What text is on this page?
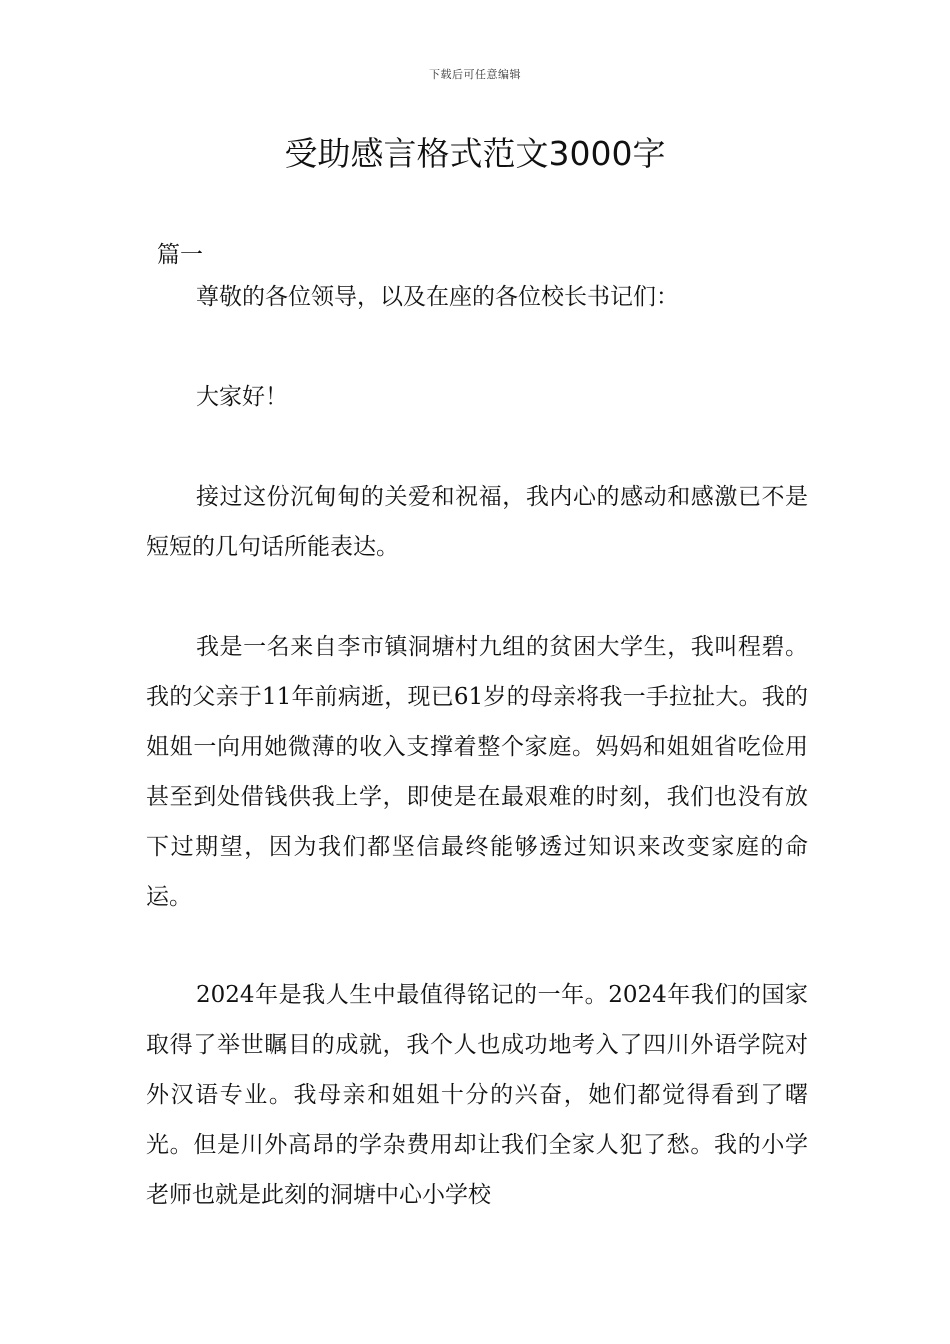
下载后可任意编辑
受助感言格式范文3000字

篇一

尊敬的各位领导，以及在座的各位校长书记们：

大家好！

接过这份沉甸甸的关爱和祝福，我内心的感动和感激已不是短短的几句话所能表达。

我是一名来自李市镇洞塘村九组的贫困大学生，我叫程碧。我的父亲于11年前病逝，现已61岁的母亲将我一手拉扯大。我的姐姐一向用她微薄的收入支撑着整个家庭。妈妈和姐姐省吃俭用甚至到处借钱供我上学，即使是在最艰难的时刻，我们也没有放下过期望，因为我们都坚信最终能够透过知识来改变家庭的命运。

2024年是我人生中最值得铭记的一年。2024年我们的国家取得了举世瞩目的成就，我个人也成功地考入了四川外语学院对外汉语专业。我母亲和姐姐十分的兴奋，她们都觉得看到了曙光。但是川外高昂的学杂费用却让我们全家人犯了愁。我的小学老师也就是此刻的洞塘中心小学校
